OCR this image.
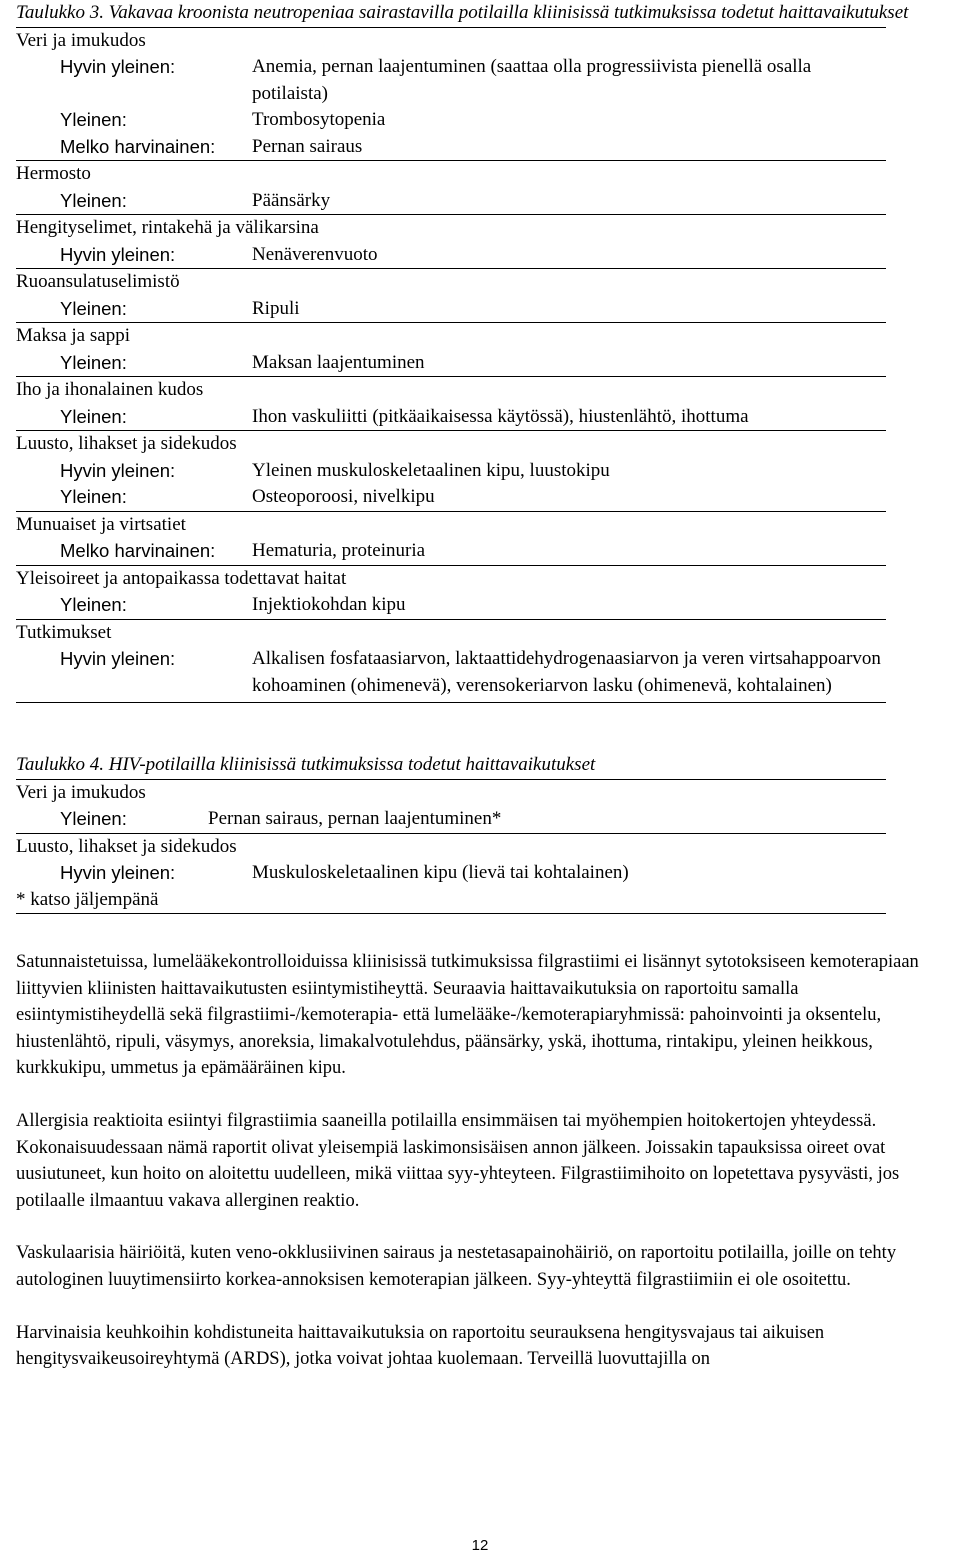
Taulukko 3. Vakavaa kroonista neutropeniaa sairastavilla potilailla kliinisissä tutkimuksissa todetut haittavaikutukset

Veri ja imukudos
Hyvin yleinen:	Anemia, pernan laajentuminen (saattaa olla progressiivista pienellä osalla potilaista)
Yleinen:	Trombosytopenia
Melko harvinainen:	Pernan sairaus
Hermosto
Yleinen:	Päänsärky
Hengityselimet, rintakehä ja välikarsina
Hyvin yleinen:	Nenäverenvuoto
Ruoansulatuselimistö
Yleinen:	Ripuli
Maksa ja sappi
Yleinen:	Maksan laajentuminen
Iho ja ihonalainen kudos
Yleinen:	Ihon vaskuliitti (pitkäaikaisessa käytössä), hiustenlähtö, ihottuma
Luusto, lihakset ja sidekudos
Hyvin yleinen:	Yleinen muskuloskeletaalinen kipu, luustokipu
Yleinen:	Osteoporoosi, nivelkipu
Munuaiset ja virtsatiet
Melko harvinainen:	Hematuria, proteinuria
Yleisoireet ja antopaikassa todettavat haitat
Yleinen:	Injektiokohdan kipu
Tutkimukset
Hyvin yleinen:	Alkalisen fosfataasiarvon, laktaattidehydrogenaasiarvon ja veren virtsahappoarvon kohoaminen (ohimenevä), verensokeriarvon lasku (ohimenevä, kohtalainen)

Taulukko 4. HIV-potilailla kliinisissä tutkimuksissa todetut haittavaikutukset

Veri ja imukudos
Yleinen:	Pernan sairaus, pernan laajentuminen*
Luusto, lihakset ja sidekudos
Hyvin yleinen:	Muskuloskeletaalinen kipu (lievä tai kohtalainen)
* katso jäljempänä

Satunnaistetuissa, lumelääkekontrolloiduissa kliinisissä tutkimuksissa filgrastiimi ei lisännyt sytotoksiseen kemoterapiaan liittyvien kliinisten haittavaikutusten esiintymistiheyttä. Seuraavia haittavaikutuksia on raportoitu samalla esiintymistiheydellä sekä filgrastiimi-/kemoterapia- että lumelääke-/kemoterapiaryhmissä: pahoinvointi ja oksentelu, hiustenlähtö, ripuli, väsymys, anoreksia, limakalvotulehdus, päänsärky, yskä, ihottuma, rintakipu, yleinen heikkous, kurkkukipu, ummetus ja epämääräinen kipu.

Allergisia reaktioita esiintyi filgrastiimia saaneilla potilailla ensimmäisen tai myöhempien hoitokertojen yhteydessä. Kokonaisuudessaan nämä raportit olivat yleisempiä laskimonsisäisen annon jälkeen. Joissakin tapauksissa oireet ovat uusiutuneet, kun hoito on aloitettu uudelleen, mikä viittaa syy-yhteyteen. Filgrastiimihoito on lopetettava pysyvästi, jos potilaalle ilmaantuu vakava allerginen reaktio.

Vaskulaarisia häiriöitä, kuten veno-okklusiivinen sairaus ja nestetasapainohäiriö, on raportoitu potilailla, joille on tehty autologinen luuytimensiirto korkea-annoksisen kemoterapian jälkeen. Syy-yhteyttä filgrastiimiin ei ole osoitettu.

Harvinaisia keuhkoihin kohdistuneita haittavaikutuksia on raportoitu seurauksena hengitysvajaus tai aikuisen hengitysvaikeusoireyhtymä (ARDS), jotka voivat johtaa kuolemaan. Terveillä luovuttajilla on

12
